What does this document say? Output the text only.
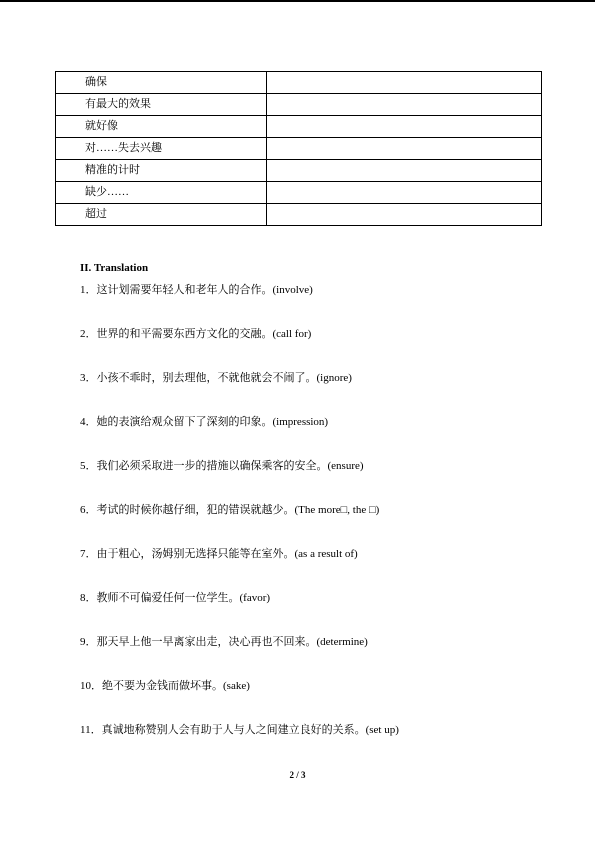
确保	
有最大的效果	
就好像	
对……失去兴趣	
精准的计时	
缺少……	
超过	
II. Translation
1．这计划需要年轻人和老年人的合作。(involve)
2．世界的和平需要东西方文化的交融。(call for)
3．小孩不乖时，别去理他，不就他就会不闹了。(ignore)
4．她的表演给观众留下了深刻的印象。(impression)
5．我们必须采取进一步的措施以确保乘客的安全。(ensure)
6．考试的时候你越仔细，犯的错误就越少。(The more□, the □)
7．由于粗心，汤姆别无选择只能等在室外。(as a result of)
8．教师不可偏爱任何一位学生。(favor)
9．那天早上他一早离家出走，决心再也不回来。(determine)
10．绝不要为金钱而做坏事。(sake)
11．真诚地称赞别人会有助于人与人之间建立良好的关系。(set up)
2 / 3
